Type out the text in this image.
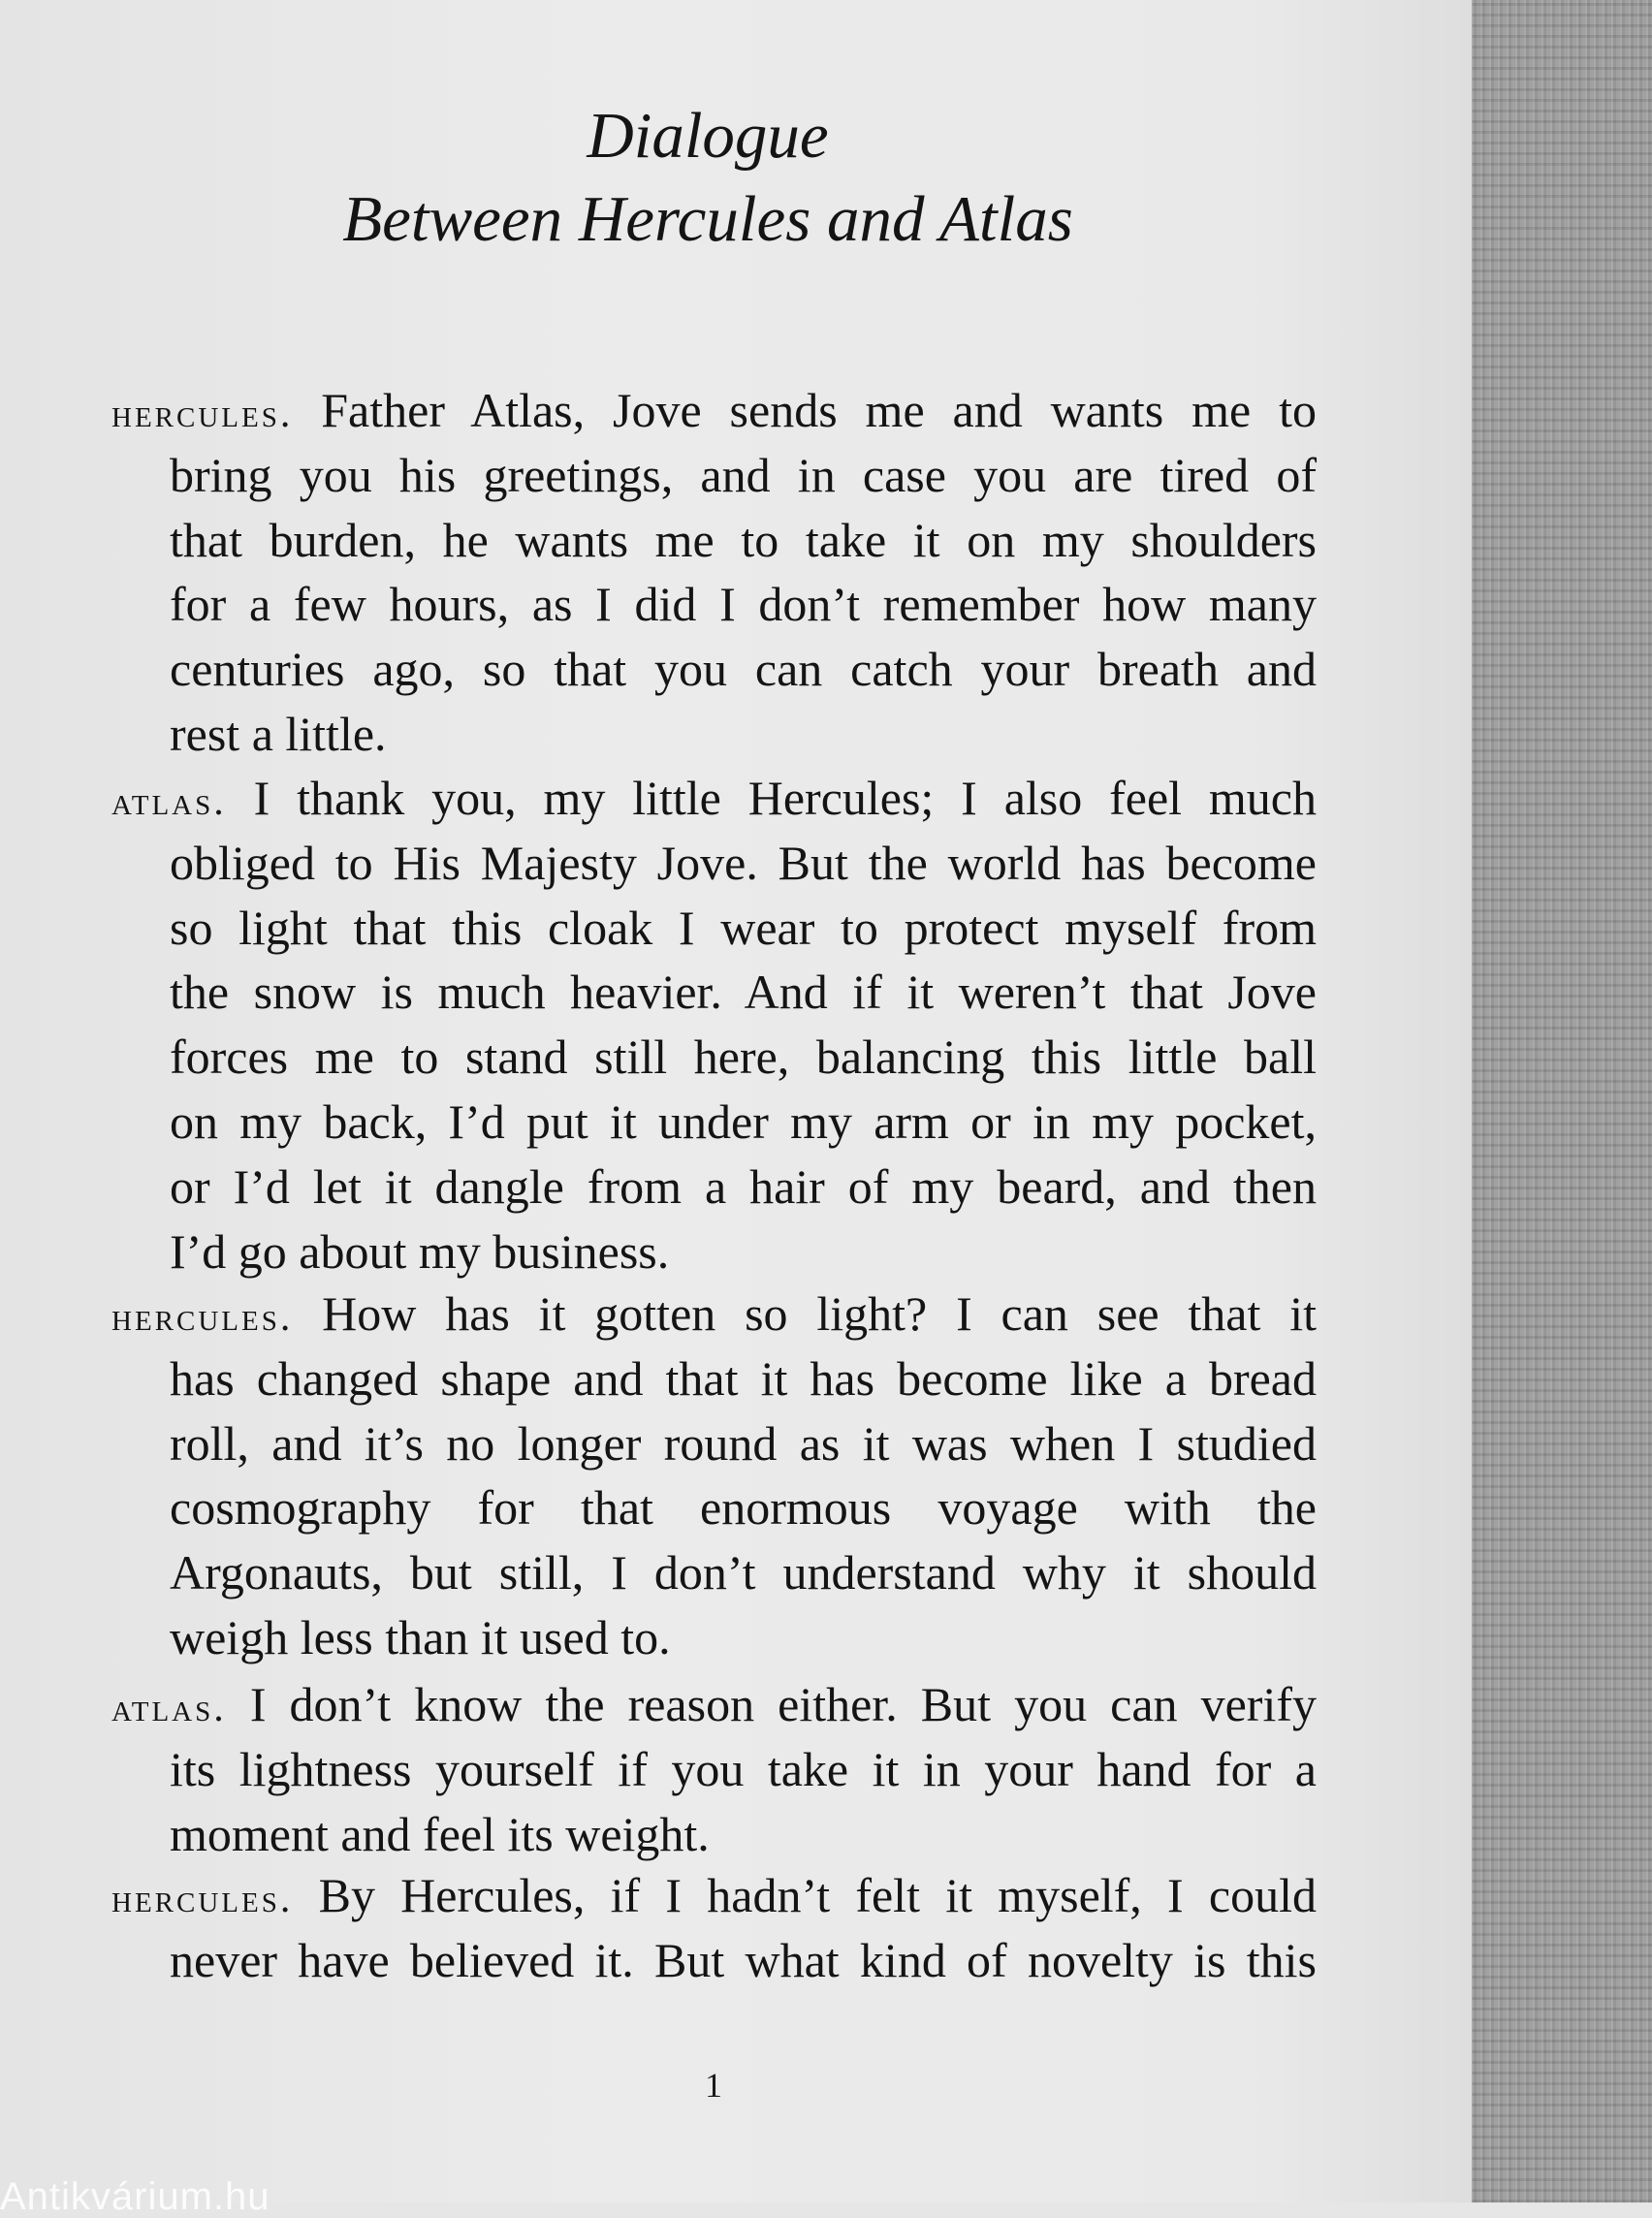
Dialogue
Between Hercules and Atlas
hercules. Father Atlas, Jove sends me and wants me to
bring you his greetings, and in case you are tired of
that burden, he wants me to take it on my shoulders
for a few hours, as I did I don’t remember how many
centuries ago, so that you can catch your breath and
rest a little.
atlas. I thank you, my little Hercules; I also feel much
obliged to His Majesty Jove. But the world has become
so light that this cloak I wear to protect myself from
the snow is much heavier. And if it weren’t that Jove
forces me to stand still here, balancing this little ball
on my back, I’d put it under my arm or in my pocket,
or I’d let it dangle from a hair of my beard, and then
I’d go about my business.
hercules. How has it gotten so light? I can see that it
has changed shape and that it has become like a bread
roll, and it’s no longer round as it was when I studied
cosmography for that enormous voyage with the
Argonauts, but still, I don’t understand why it should
weigh less than it used to.
atlas. I don’t know the reason either. But you can verify
its lightness yourself if you take it in your hand for a
moment and feel its weight.
hercules. By Hercules, if I hadn’t felt it myself, I could
never have believed it. But what kind of novelty is this
1
Antikvárium.hu
